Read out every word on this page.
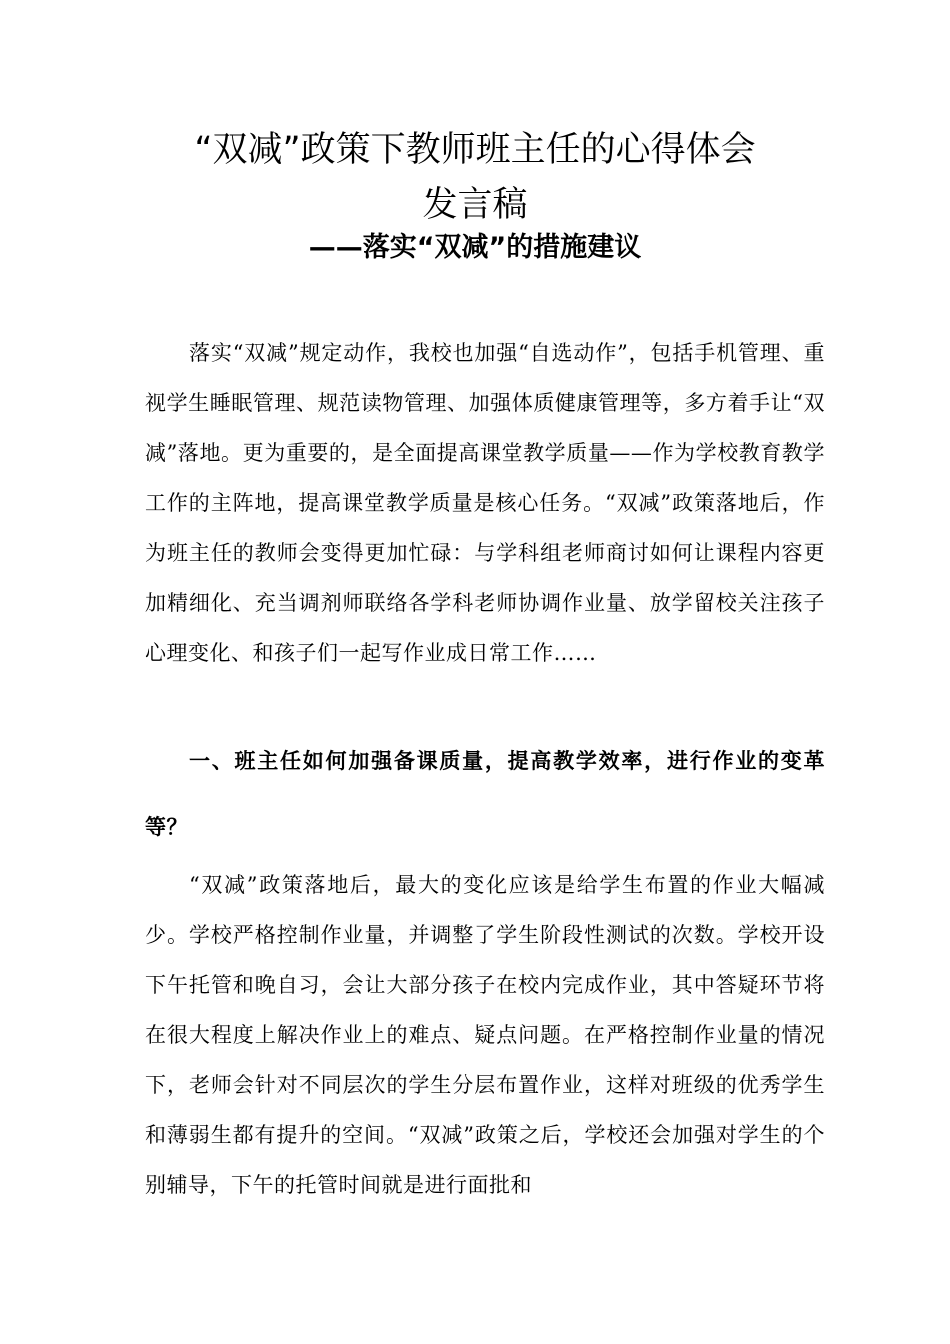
“双减”政策下教师班主任的心得体会
发言稿
——落实“双减”的措施建议

落实“双减”规定动作，我校也加强“自选动作”，包括手机管理、重视学生睡眠管理、规范读物管理、加强体质健康管理等，多方着手让“双减”落地。更为重要的，是全面提高课堂教学质量——作为学校教育教学工作的主阵地，提高课堂教学质量是核心任务。“双减”政策落地后，作为班主任的教师会变得更加忙碌：与学科组老师商讨如何让课程内容更加精细化、充当调剂师联络各学科老师协调作业量、放学留校关注孩子心理变化、和孩子们一起写作业成日常工作……

一、班主任如何加强备课质量，提高教学效率，进行作业的变革等？

“双减”政策落地后，最大的变化应该是给学生布置的作业大幅减少。学校严格控制作业量，并调整了学生阶段性测试的次数。学校开设下午托管和晚自习，会让大部分孩子在校内完成作业，其中答疑环节将在很大程度上解决作业上的难点、疑点问题。在严格控制作业量的情况下，老师会针对不同层次的学生分层布置作业，这样对班级的优秀学生和薄弱生都有提升的空间。“双减”政策之后，学校还会加强对学生的个别辅导，下午的托管时间就是进行面批和
